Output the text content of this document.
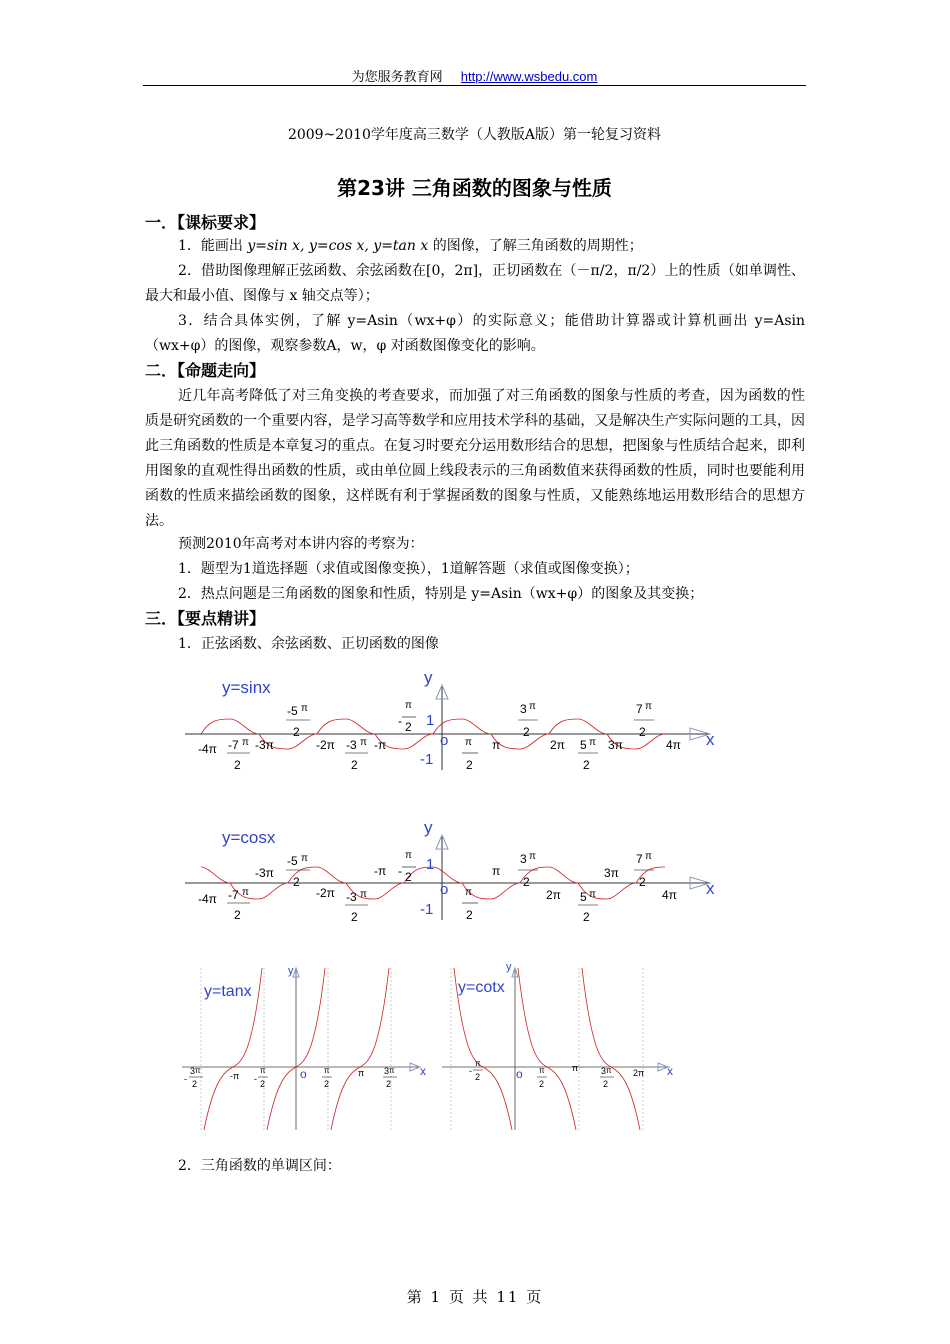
为您服务教育网 http://www.wsbedu.com
2009~2010学年度高三数学（人教版A版）第一轮复习资料
第23讲 三角函数的图象与性质
一．【课标要求】
1．能画出 y=sin x, y=cos x, y=tan x 的图像，了解三角函数的周期性；
2．借助图像理解正弦函数、余弦函数在[0，2π]，正切函数在（－π/2，π/2）上的性质（如单调性、最大和最小值、图像与 x 轴交点等）；
3．结合具体实例，了解 y=Asin（wx+φ）的实际意义；能借助计算器或计算机画出 y=Asin（wx+φ）的图像，观察参数A，w，φ 对函数图像变化的影响。
二．【命题走向】
近几年高考降低了对三角变换的考查要求，而加强了对三角函数的图象与性质的考查，因为函数的性质是研究函数的一个重要内容，是学习高等数学和应用技术学科的基础，又是解决生产实际问题的工具，因此三角函数的性质是本章复习的重点。在复习时要充分运用数形结合的思想，把图象与性质结合起来，即利用图象的直观性得出函数的性质，或由单位圆上线段表示的三角函数值来获得函数的性质，同时也要能利用函数的性质来描绘函数的图象，这样既有利于掌握函数的图象与性质，又能熟练地运用数形结合的思想方法。
预测2010年高考对本讲内容的考察为：
1．题型为1道选择题（求值或图像变换），1道解答题（求值或图像变换）；
2．热点问题是三角函数的图象和性质，特别是 y=Asin（wx+φ）的图象及其变换；
三．【要点精讲】
1．正弦函数、余弦函数、正切函数的图像
y=sinx
y
x
o
1
-1
-4π	-3π	-2π	-π	π	2π	3π	4π
-7 π
2
-5 π
2
-3 π
2
-
π
2
π
2
3 π
2
5 π
2
7 π
2
y=cosx
y
x
o
1
-1
-4π
-3π
-2π
-π	π
2π
3π
4π
-7 π
2
-5 π
2
-3 π
2
-
π
2
π
2
3 π
2
5 π
2
7 π
2
y=tanx
y
x
o
-
3 π
2
-π -
π
2
π
2
π 3 π
2
y=cotx
y
x
o
-
π
2
π
2
π	3 π
2
2π
2．三角函数的单调区间：
第 1 页 共 11 页
